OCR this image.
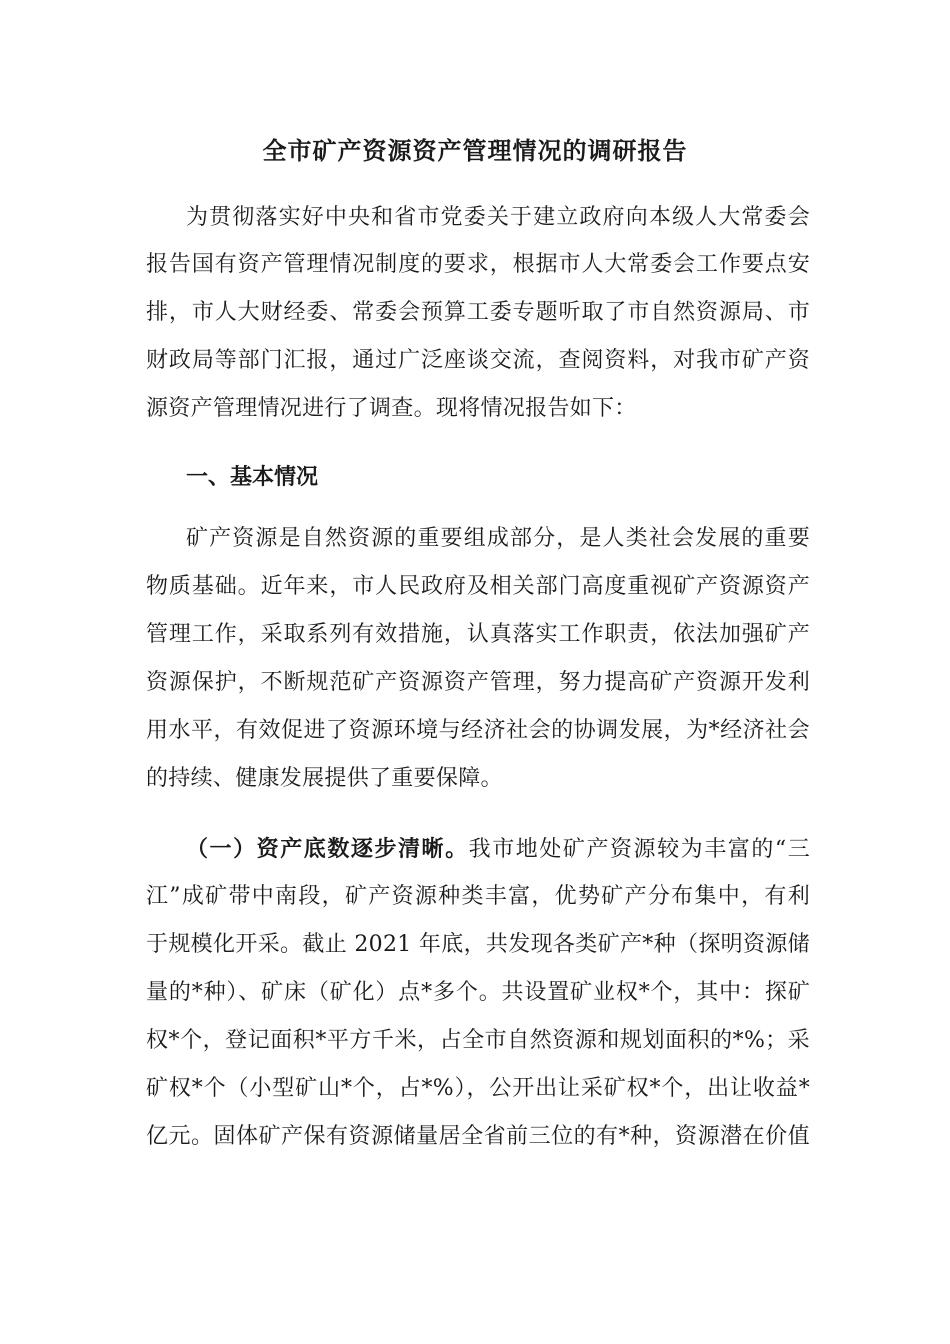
全市矿产资源资产管理情况的调研报告
为贯彻落实好中央和省市党委关于建立政府向本级人大常委会
报告国有资产管理情况制度的要求，根据市人大常委会工作要点安
排，市人大财经委、常委会预算工委专题听取了市自然资源局、市
财政局等部门汇报，通过广泛座谈交流，查阅资料，对我市矿产资
源资产管理情况进行了调查。现将情况报告如下：
一、基本情况
矿产资源是自然资源的重要组成部分，是人类社会发展的重要
物质基础。近年来，市人民政府及相关部门高度重视矿产资源资产
管理工作，采取系列有效措施，认真落实工作职责，依法加强矿产
资源保护，不断规范矿产资源资产管理，努力提高矿产资源开发利
用水平，有效促进了资源环境与经济社会的协调发展，为*经济社会
的持续、健康发展提供了重要保障。
（一）资产底数逐步清晰。我市地处矿产资源较为丰富的“三
江”成矿带中南段，矿产资源种类丰富，优势矿产分布集中，有利
于规模化开采。截止 2021 年底，共发现各类矿产*种（探明资源储
量的*种）、矿床（矿化）点*多个。共设置矿业权*个，其中：探矿
权*个，登记面积*平方千米，占全市自然资源和规划面积的*%；采
矿权*个（小型矿山*个，占*%），公开出让采矿权*个，出让收益*
亿元。固体矿产保有资源储量居全省前三位的有*种，资源潜在价值
